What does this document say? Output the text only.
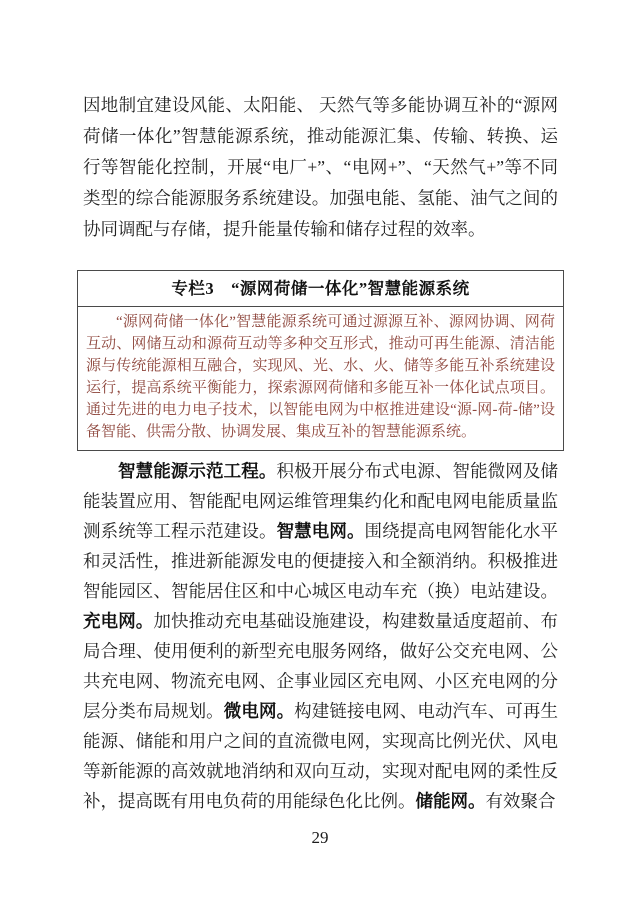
因地制宜建设风能、太阳能、 天然气等多能协调互补的“源网荷储一体化”智慧能源系统，推动能源汇集、传输、转换、运行等智能化控制，开展“电厂+”、“电网+”、“天然气+”等不同类型的综合能源服务系统建设。加强电能、氢能、油气之间的协同调配与存储，提升能量传输和储存过程的效率。

专栏3　“源网荷储一体化”智慧能源系统
“源网荷储一体化”智慧能源系统可通过源源互补、源网协调、网荷互动、网储互动和源荷互动等多种交互形式，推动可再生能源、清洁能源与传统能源相互融合，实现风、光、水、火、储等多能互补系统建设运行，提高系统平衡能力，探索源网荷储和多能互补一体化试点项目。通过先进的电力电子技术，以智能电网为中枢推进建设“源-网-荷-储”设备智能、供需分散、协调发展、集成互补的智慧能源系统。

智慧能源示范工程。积极开展分布式电源、智能微网及储能装置应用、智能配电网运维管理集约化和配电网电能质量监测系统等工程示范建设。智慧电网。围绕提高电网智能化水平和灵活性，推进新能源发电的便捷接入和全额消纳。积极推进智能园区、智能居住区和中心城区电动车充（换）电站建设。充电网。加快推动充电基础设施建设，构建数量适度超前、布局合理、使用便利的新型充电服务网络，做好公交充电网、公共充电网、物流充电网、企事业园区充电网、小区充电网的分层分类布局规划。微电网。构建链接电网、电动汽车、可再生能源、储能和用户之间的直流微电网，实现高比例光伏、风电等新能源的高效就地消纳和双向互动，实现对配电网的柔性反补，提高既有用电负荷的用能绿色化比例。储能网。有效聚合

29
